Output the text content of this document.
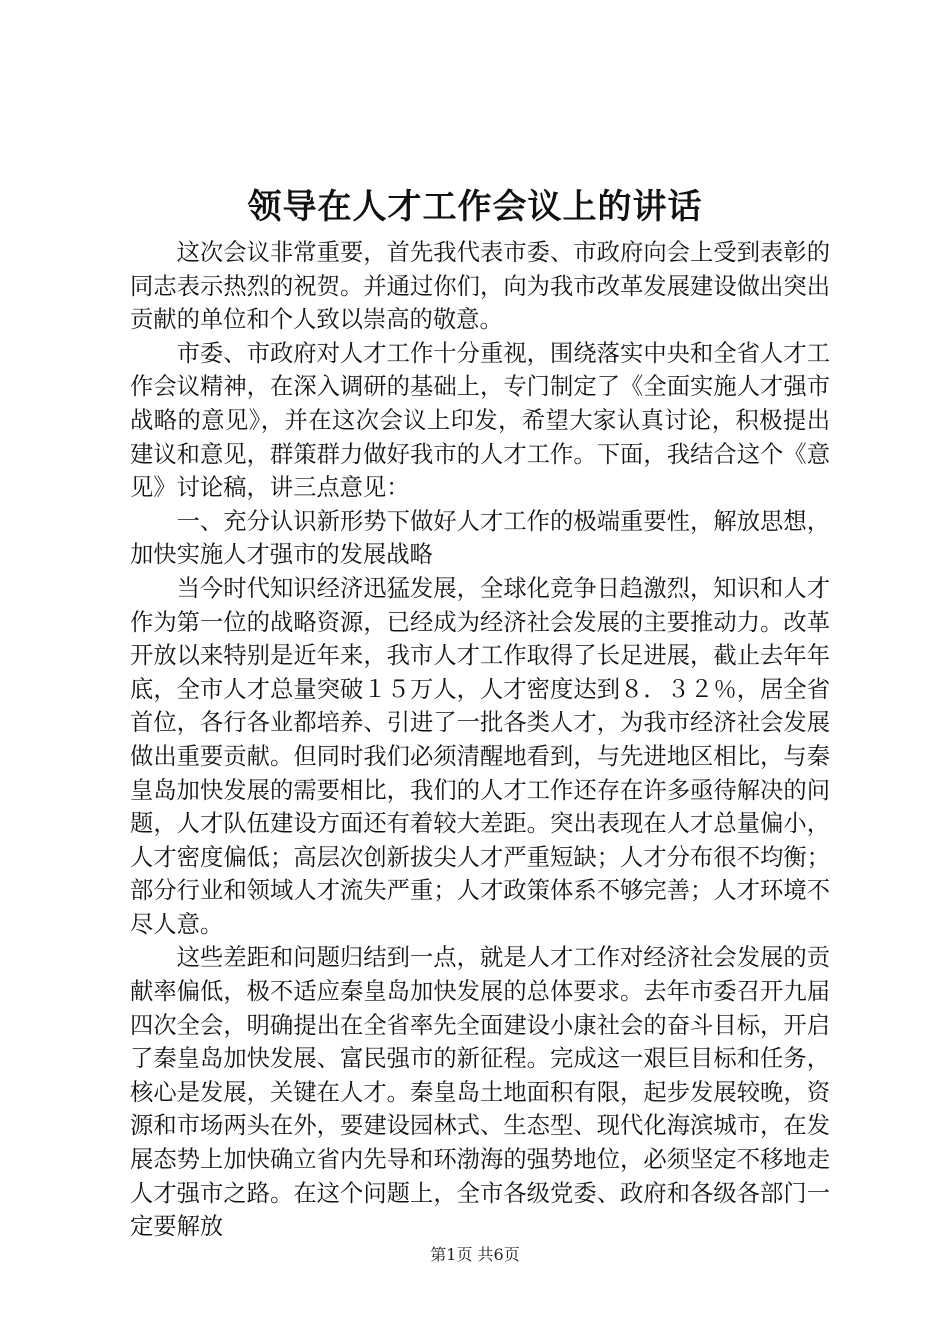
领导在人才工作会议上的讲话

这次会议非常重要，首先我代表市委、市政府向会上受到表彰的同志表示热烈的祝贺。并通过你们，向为我市改革发展建设做出突出贡献的单位和个人致以崇高的敬意。

市委、市政府对人才工作十分重视，围绕落实中央和全省人才工作会议精神，在深入调研的基础上，专门制定了《全面实施人才强市战略的意见》，并在这次会议上印发，希望大家认真讨论，积极提出建议和意见，群策群力做好我市的人才工作。下面，我结合这个《意见》讨论稿，讲三点意见：

一、充分认识新形势下做好人才工作的极端重要性，解放思想，加快实施人才强市的发展战略

当今时代知识经济迅猛发展，全球化竞争日趋激烈，知识和人才作为第一位的战略资源，已经成为经济社会发展的主要推动力。改革开放以来特别是近年来，我市人才工作取得了长足进展，截止去年年底，全市人才总量突破１５万人，人才密度达到８．３２％，居全省首位，各行各业都培养、引进了一批各类人才，为我市经济社会发展做出重要贡献。但同时我们必须清醒地看到，与先进地区相比，与秦皇岛加快发展的需要相比，我们的人才工作还存在许多亟待解决的问题，人才队伍建设方面还有着较大差距。突出表现在人才总量偏小，人才密度偏低；高层次创新拔尖人才严重短缺；人才分布很不均衡；部分行业和领域人才流失严重；人才政策体系不够完善；人才环境不尽人意。

这些差距和问题归结到一点，就是人才工作对经济社会发展的贡献率偏低，极不适应秦皇岛加快发展的总体要求。去年市委召开九届四次全会，明确提出在全省率先全面建设小康社会的奋斗目标，开启了秦皇岛加快发展、富民强市的新征程。完成这一艰巨目标和任务，核心是发展，关键在人才。秦皇岛土地面积有限，起步发展较晚，资源和市场两头在外，要建设园林式、生态型、现代化海滨城市，在发展态势上加快确立省内先导和环渤海的强势地位，必须坚定不移地走人才强市之路。在这个问题上，全市各级党委、政府和各级各部门一定要解放

第1页 共6页
